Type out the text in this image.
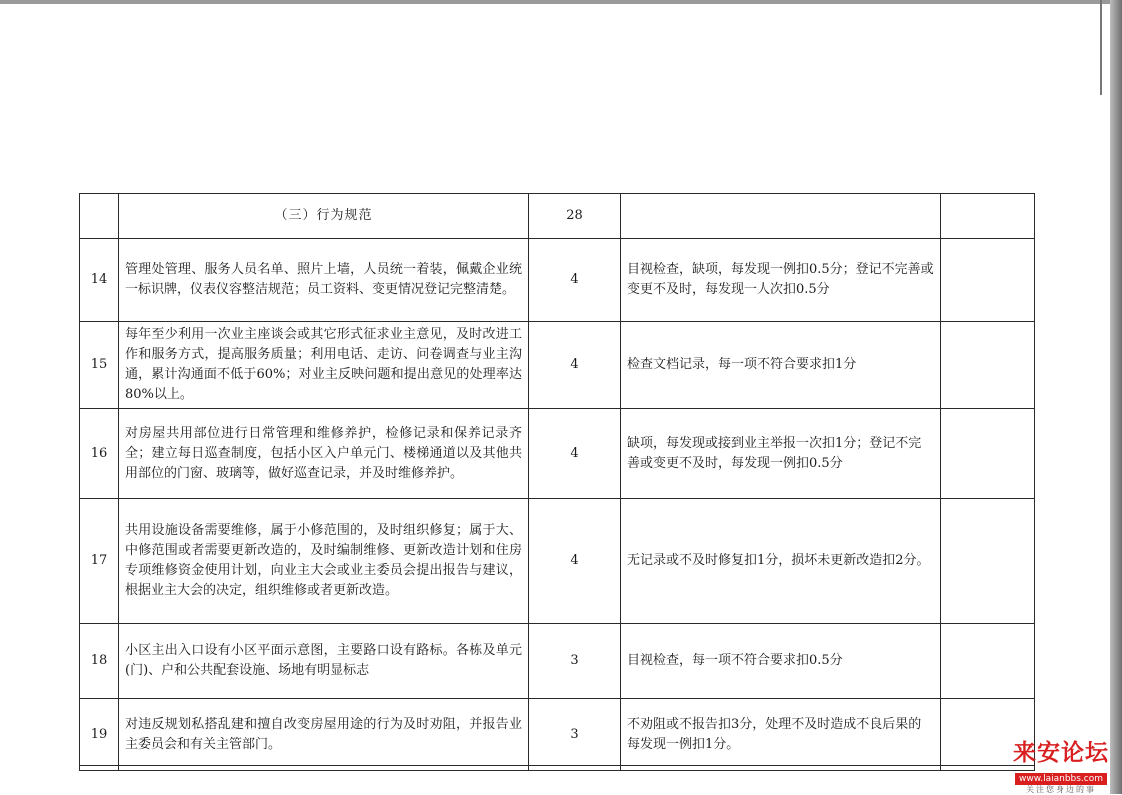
	（三）行为规范	28		
14	管理处管理、服务人员名单、照片上墙，人员统一着装，佩戴企业统一标识牌，仪表仪容整洁规范；员工资料、变更情况登记完整清楚。	4	目视检查，缺项，每发现一例扣0.5分；登记不完善或变更不及时，每发现一人次扣0.5分	
15	每年至少利用一次业主座谈会或其它形式征求业主意见，及时改进工作和服务方式，提高服务质量；利用电话、走访、问卷调查与业主沟通，累计沟通面不低于60%；对业主反映问题和提出意见的处理率达80%以上。	4	检查文档记录，每一项不符合要求扣1分	
16	对房屋共用部位进行日常管理和维修养护，检修记录和保养记录齐全；建立每日巡查制度，包括小区入户单元门、楼梯通道以及其他共用部位的门窗、玻璃等，做好巡查记录，并及时维修养护。	4	缺项，每发现或接到业主举报一次扣1分；登记不完善或变更不及时，每发现一例扣0.5分	
17	共用设施设备需要维修，属于小修范围的，及时组织修复；属于大、中修范围或者需要更新改造的，及时编制维修、更新改造计划和住房专项维修资金使用计划，向业主大会或业主委员会提出报告与建议，根据业主大会的决定，组织维修或者更新改造。	4	无记录或不及时修复扣1分，损坏未更新改造扣2分。	
18	小区主出入口设有小区平面示意图，主要路口设有路标。各栋及单元(门)、户和公共配套设施、场地有明显标志	3	目视检查，每一项不符合要求扣0.5分	
19	对违反规划私搭乱建和擅自改变房屋用途的行为及时劝阻，并报告业主委员会和有关主管部门。	3	不劝阻或不报告扣3分，处理不及时造成不良后果的每发现一例扣1分。		来安论坛
www.laianbbs.com
关注您身边的事
